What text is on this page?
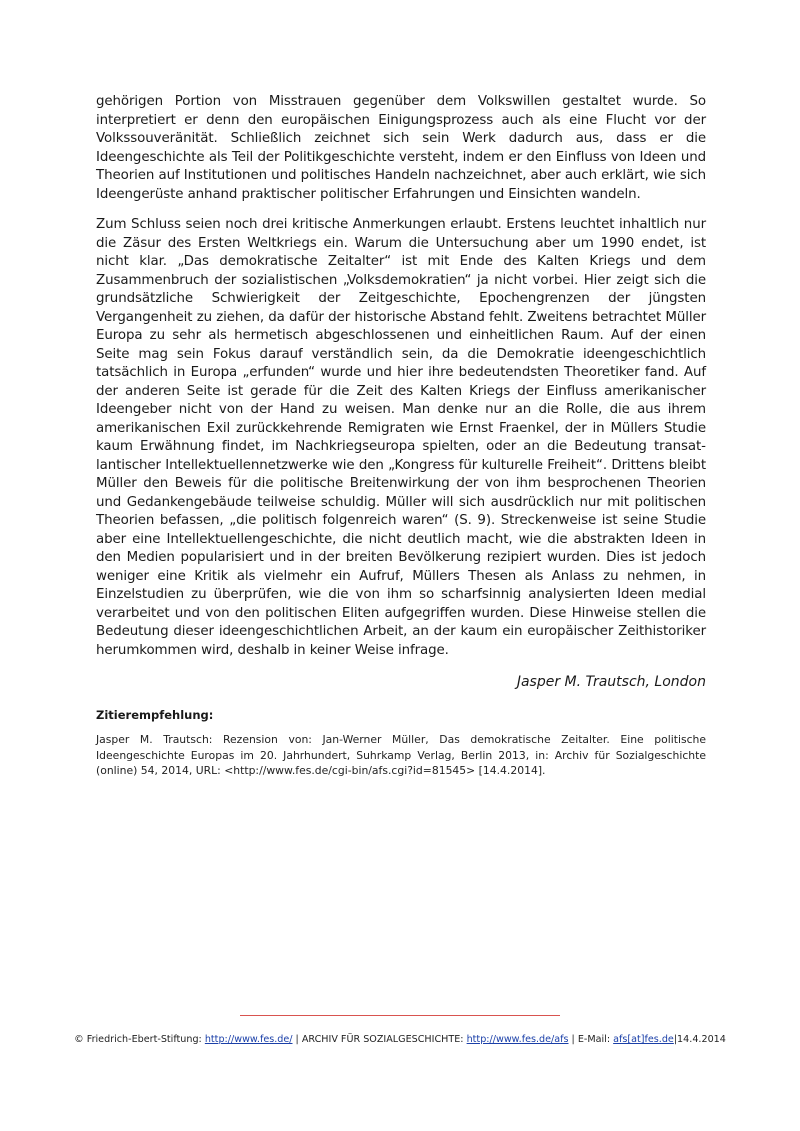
gehörigen Portion von Misstrauen gegenüber dem Volkswillen gestaltet wurde. So interpretiert er denn den europäischen Einigungsprozess auch als eine Flucht vor der Volkssouveränität. Schließlich zeichnet sich sein Werk dadurch aus, dass er die Ideengeschichte als Teil der Politikgeschichte versteht, indem er den Einfluss von Ideen und Theorien auf Institutionen und politisches Handeln nachzeichnet, aber auch erklärt, wie sich Ideengerüste anhand praktischer politischer Erfahrungen und Einsichten wandeln.

Zum Schluss seien noch drei kritische Anmerkungen erlaubt. Erstens leuchtet inhaltlich nur die Zäsur des Ersten Weltkriegs ein. Warum die Untersuchung aber um 1990 endet, ist nicht klar. „Das demokratische Zeitalter“ ist mit Ende des Kalten Kriegs und dem Zusammenbruch der sozialistischen „Volksdemokratien“ ja nicht vorbei. Hier zeigt sich die grundsätzliche Schwierigkeit der Zeitgeschichte, Epochengrenzen der jüngsten Vergangenheit zu ziehen, da dafür der historische Abstand fehlt. Zweitens betrachtet Müller Europa zu sehr als hermetisch abgeschlossenen und einheitlichen Raum. Auf der einen Seite mag sein Fokus darauf verständlich sein, da die Demokratie ideengeschichtlich tatsächlich in Europa „erfunden“ wurde und hier ihre bedeutendsten Theoretiker fand. Auf der anderen Seite ist gerade für die Zeit des Kalten Kriegs der Einfluss amerikanischer Ideengeber nicht von der Hand zu weisen. Man denke nur an die Rolle, die aus ihrem amerikanischen Exil zurückkehrende Remigraten wie Ernst Fraenkel, der in Müllers Studie kaum Erwähnung findet, im Nachkriegseuropa spielten, oder an die Bedeutung transatlantischer Intellektuellennetzwerke wie den „Kongress für kulturelle Freiheit“. Drittens bleibt Müller den Beweis für die politische Breitenwirkung der von ihm besprochenen Theorien und Gedankengebäude teilweise schuldig. Müller will sich ausdrücklich nur mit politischen Theorien befassen, „die politisch folgenreich waren“ (S. 9). Streckenweise ist seine Studie aber eine Intellektuellengeschichte, die nicht deutlich macht, wie die abstrakten Ideen in den Medien popularisiert und in der breiten Bevölkerung rezipiert wurden. Dies ist jedoch weniger eine Kritik als vielmehr ein Aufruf, Müllers Thesen als Anlass zu nehmen, in Einzelstudien zu überprüfen, wie die von ihm so scharfsinnig analysierten Ideen medial verarbeitet und von den politischen Eliten aufgegriffen wurden. Diese Hinweise stellen die Bedeutung dieser ideengeschichtlichen Arbeit, an der kaum ein europäischer Zeithistoriker herumkommen wird, deshalb in keiner Weise infrage.

Jasper M. Trautsch, London

Zitierempfehlung:

Jasper M. Trautsch: Rezension von: Jan-Werner Müller, Das demokratische Zeitalter. Eine politische Ideengeschichte Europas im 20. Jahrhundert, Suhrkamp Verlag, Berlin 2013, in: Archiv für Sozialgeschichte (online) 54, 2014, URL: <http://www.fes.de/cgi-bin/afs.cgi?id=81545> [14.4.2014].

© Friedrich-Ebert-Stiftung: http://www.fes.de/ | ARCHIV FÜR SOZIALGESCHICHTE: http://www.fes.de/afs | E-Mail: afs[at]fes.de|14.4.2014
